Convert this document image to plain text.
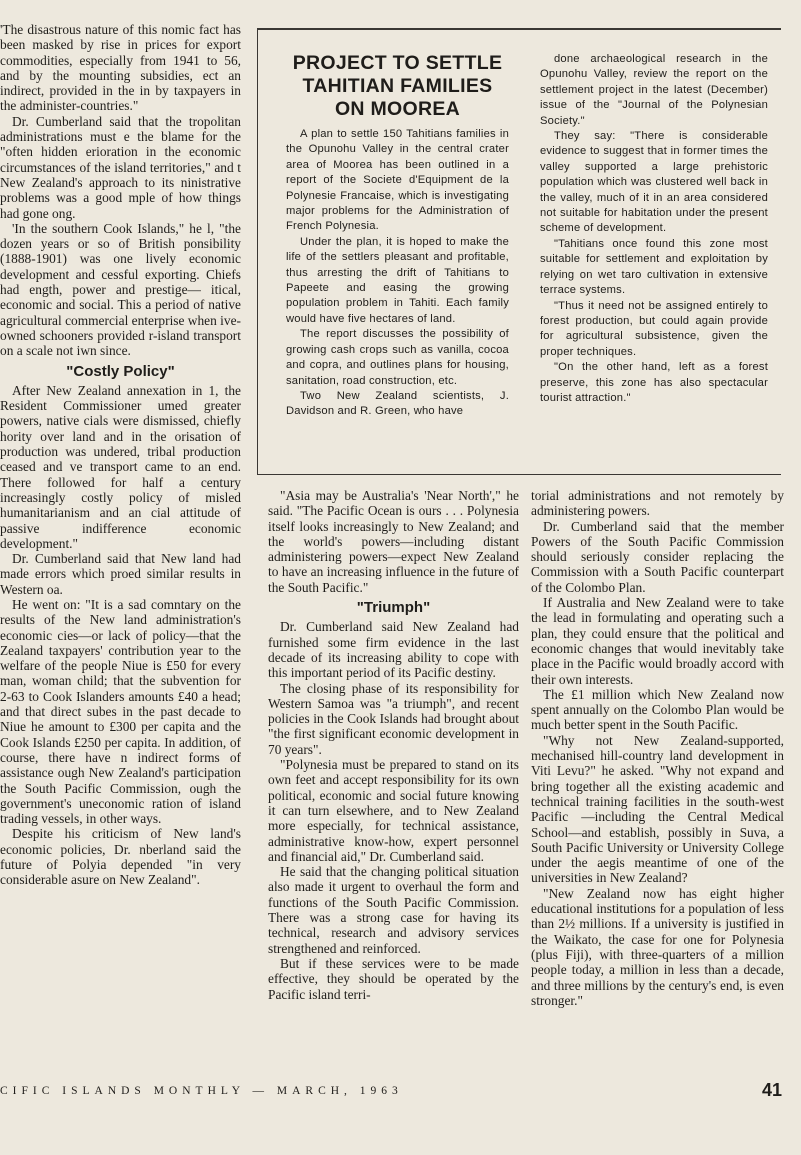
'The disastrous nature of this nomic fact has been masked by rise in prices for export commodities, especially from 1941 to 56, and by the mounting subsidies, ect an indirect, provided in the in by taxpayers in the administer-countries."

Dr. Cumberland said that the tropolitan administrations must e the blame for the "often hidden erioration in the economic circumstances of the island territories," and t New Zealand's approach to its ninistrative problems was a good mple of how things had gone ong.

'In the southern Cook Islands," he l, "the dozen years or so of British ponsibility (1888-1901) was one lively economic development and cessful exporting. Chiefs had ength, power and prestige— itical, economic and social. This a period of native agricultural commercial enterprise when ive-owned schooners provided r-island transport on a scale not iwn since.

"Costly Policy"

After New Zealand annexation in 1, the Resident Commissioner umed greater powers, native cials were dismissed, chiefly hority over land and in the orisation of production was undered, tribal production ceased and ve transport came to an end. There followed for half a century increasingly costly policy of misled humanitarianism and an cial attitude of passive indifference economic development."

Dr. Cumberland said that New land had made errors which proed similar results in Western oa.

He went on: "It is a sad comntary on the results of the New land administration's economic cies—or lack of policy—that the Zealand taxpayers' contribution year to the welfare of the people Niue is £50 for every man, woman child; that the subvention for 2-63 to Cook Islanders amounts £40 a head; and that direct subes in the past decade to Niue he amount to £300 per capita and the Cook Islands £250 per capita. In addition, of course, there have n indirect forms of assistance ough New Zealand's participation the South Pacific Commission, ough the government's uneconomic ration of island trading vessels, in other ways.

Despite his criticism of New land's economic policies, Dr. nberland said the future of Polyia depended "in very considerable asure on New Zealand".

PROJECT TO SETTLE TAHITIAN FAMILIES ON MOOREA

A plan to settle 150 Tahitians families in the Opunohu Valley in the central crater area of Moorea has been outlined in a report of the Societe d'Equipment de la Polynesie Francaise, which is investigating major problems for the Administration of French Polynesia.

Under the plan, it is hoped to make the life of the settlers pleasant and profitable, thus arresting the drift of Tahitians to Papeete and easing the growing population problem in Tahiti. Each family would have five hectares of land.

The report discusses the possibility of growing cash crops such as vanilla, cocoa and copra, and outlines plans for housing, sanitation, road construction, etc.

Two New Zealand scientists, J. Davidson and R. Green, who have

done archaeological research in the Opunohu Valley, review the report on the settlement project in the latest (December) issue of the "Journal of the Polynesian Society."

They say: "There is considerable evidence to suggest that in former times the valley supported a large prehistoric population which was clustered well back in the valley, much of it in an area considered not suitable for habitation under the present scheme of development.

"Tahitians once found this zone most suitable for settlement and exploitation by relying on wet taro cultivation in extensive terrace systems.

"Thus it need not be assigned entirely to forest production, but could again provide for agricultural subsistence, given the proper techniques.

"On the other hand, left as a forest preserve, this zone has also spectacular tourist attraction."

"Asia may be Australia's 'Near North'," he said. "The Pacific Ocean is ours . . . Polynesia itself looks increasingly to New Zealand; and the world's powers—including distant administering powers—expect New Zealand to have an increasing influence in the future of the South Pacific."

"Triumph"

Dr. Cumberland said New Zealand had furnished some firm evidence in the last decade of its increasing ability to cope with this important period of its Pacific destiny.

The closing phase of its responsibility for Western Samoa was "a triumph", and recent policies in the Cook Islands had brought about "the first significant economic development in 70 years".

"Polynesia must be prepared to stand on its own feet and accept responsibility for its own political, economic and social future knowing it can turn elsewhere, and to New Zealand more especially, for technical assistance, administrative know-how, expert personnel and financial aid," Dr. Cumberland said.

He said that the changing political situation also made it urgent to overhaul the form and functions of the South Pacific Commission. There was a strong case for having its technical, research and advisory services strengthened and reinforced.

But if these services were to be made effective, they should be operated by the Pacific island terri-

torial administrations and not remotely by administering powers.

Dr. Cumberland said that the member Powers of the South Pacific Commission should seriously consider replacing the Commission with a South Pacific counterpart of the Colombo Plan.

If Australia and New Zealand were to take the lead in formulating and operating such a plan, they could ensure that the political and economic changes that would inevitably take place in the Pacific would broadly accord with their own interests.

The £1 million which New Zealand now spent annually on the Colombo Plan would be much better spent in the South Pacific.

"Why not New Zealand-supported, mechanised hill-country land development in Viti Levu?" he asked. "Why not expand and bring together all the existing academic and technical training facilities in the south-west Pacific —including the Central Medical School—and establish, possibly in Suva, a South Pacific University or University College under the aegis meantime of one of the universities in New Zealand?

"New Zealand now has eight higher educational institutions for a population of less than 2½ millions. If a university is justified in the Waikato, the case for one for Polynesia (plus Fiji), with three-quarters of a million people today, a million in less than a decade, and three millions by the century's end, is even stronger."

CIFIC ISLANDS MONTHLY — MARCH, 1963	41
